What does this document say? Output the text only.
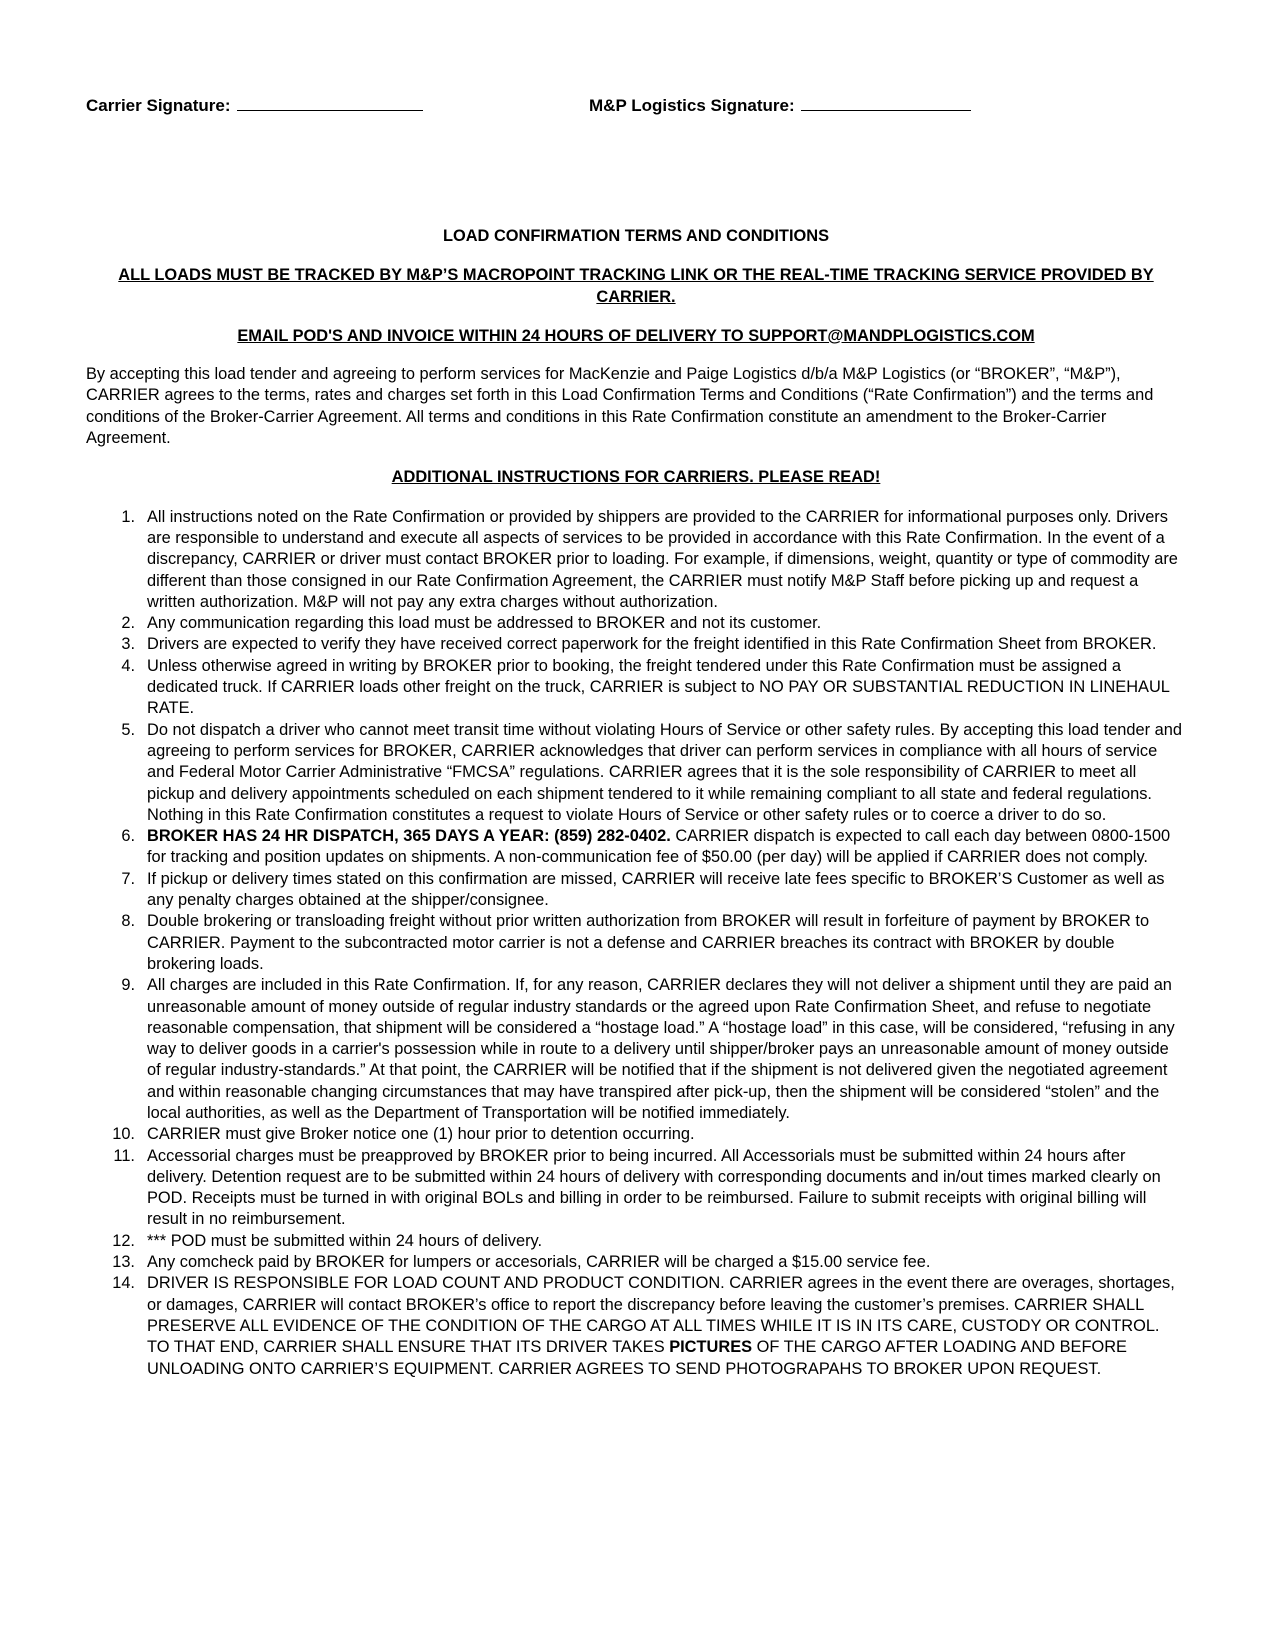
Carrier Signature:	M&P Logistics Signature:

LOAD CONFIRMATION TERMS AND CONDITIONS

ALL LOADS MUST BE TRACKED BY M&P’S MACROPOINT TRACKING LINK OR THE REAL-TIME TRACKING SERVICE PROVIDED BY CARRIER.

EMAIL POD'S AND INVOICE WITHIN 24 HOURS OF DELIVERY TO SUPPORT@MANDPLOGISTICS.COM

By accepting this load tender and agreeing to perform services for MacKenzie and Paige Logistics d/b/a M&P Logistics (or “BROKER”, “M&P”), CARRIER agrees to the terms, rates and charges set forth in this Load Confirmation Terms and Conditions (“Rate Confirmation”) and the terms and conditions of the Broker-Carrier Agreement. All terms and conditions in this Rate Confirmation constitute an amendment to the Broker-Carrier Agreement.

ADDITIONAL INSTRUCTIONS FOR CARRIERS. PLEASE READ!

1. All instructions noted on the Rate Confirmation or provided by shippers are provided to the CARRIER for informational purposes only. Drivers are responsible to understand and execute all aspects of services to be provided in accordance with this Rate Confirmation. In the event of a discrepancy, CARRIER or driver must contact BROKER prior to loading. For example, if dimensions, weight, quantity or type of commodity are different than those consigned in our Rate Confirmation Agreement, the CARRIER must notify M&P Staff before picking up and request a written authorization. M&P will not pay any extra charges without authorization.
2. Any communication regarding this load must be addressed to BROKER and not its customer.
3. Drivers are expected to verify they have received correct paperwork for the freight identified in this Rate Confirmation Sheet from BROKER.
4. Unless otherwise agreed in writing by BROKER prior to booking, the freight tendered under this Rate Confirmation must be assigned a dedicated truck. If CARRIER loads other freight on the truck, CARRIER is subject to NO PAY OR SUBSTANTIAL REDUCTION IN LINEHAUL RATE.
5. Do not dispatch a driver who cannot meet transit time without violating Hours of Service or other safety rules. By accepting this load tender and agreeing to perform services for BROKER, CARRIER acknowledges that driver can perform services in compliance with all hours of service and Federal Motor Carrier Administrative “FMCSA” regulations. CARRIER agrees that it is the sole responsibility of CARRIER to meet all pickup and delivery appointments scheduled on each shipment tendered to it while remaining compliant to all state and federal regulations. Nothing in this Rate Confirmation constitutes a request to violate Hours of Service or other safety rules or to coerce a driver to do so.
6. BROKER HAS 24 HR DISPATCH, 365 DAYS A YEAR: (859) 282-0402. CARRIER dispatch is expected to call each day between 0800-1500 for tracking and position updates on shipments. A non-communication fee of $50.00 (per day) will be applied if CARRIER does not comply.
7. If pickup or delivery times stated on this confirmation are missed, CARRIER will receive late fees specific to BROKER’S Customer as well as any penalty charges obtained at the shipper/consignee.
8. Double brokering or transloading freight without prior written authorization from BROKER will result in forfeiture of payment by BROKER to CARRIER. Payment to the subcontracted motor carrier is not a defense and CARRIER breaches its contract with BROKER by double brokering loads.
9. All charges are included in this Rate Confirmation. If, for any reason, CARRIER declares they will not deliver a shipment until they are paid an unreasonable amount of money outside of regular industry standards or the agreed upon Rate Confirmation Sheet, and refuse to negotiate reasonable compensation, that shipment will be considered a “hostage load.” A “hostage load” in this case, will be considered, “refusing in any way to deliver goods in a carrier's possession while in route to a delivery until shipper/broker pays an unreasonable amount of money outside of regular industry-standards.” At that point, the CARRIER will be notified that if the shipment is not delivered given the negotiated agreement and within reasonable changing circumstances that may have transpired after pick-up, then the shipment will be considered “stolen” and the local authorities, as well as the Department of Transportation will be notified immediately.
10. CARRIER must give Broker notice one (1) hour prior to detention occurring.
11. Accessorial charges must be preapproved by BROKER prior to being incurred. All Accessorials must be submitted within 24 hours after delivery. Detention request are to be submitted within 24 hours of delivery with corresponding documents and in/out times marked clearly on POD. Receipts must be turned in with original BOLs and billing in order to be reimbursed. Failure to submit receipts with original billing will result in no reimbursement.
12. *** POD must be submitted within 24 hours of delivery.
13. Any comcheck paid by BROKER for lumpers or accesorials, CARRIER will be charged a $15.00 service fee.
14. DRIVER IS RESPONSIBLE FOR LOAD COUNT AND PRODUCT CONDITION. CARRIER agrees in the event there are overages, shortages, or damages, CARRIER will contact BROKER’s office to report the discrepancy before leaving the customer’s premises. CARRIER SHALL PRESERVE ALL EVIDENCE OF THE CONDITION OF THE CARGO AT ALL TIMES WHILE IT IS IN ITS CARE, CUSTODY OR CONTROL. TO THAT END, CARRIER SHALL ENSURE THAT ITS DRIVER TAKES PICTURES OF THE CARGO AFTER LOADING AND BEFORE UNLOADING ONTO CARRIER’S EQUIPMENT. CARRIER AGREES TO SEND PHOTOGRAPAHS TO BROKER UPON REQUEST.
